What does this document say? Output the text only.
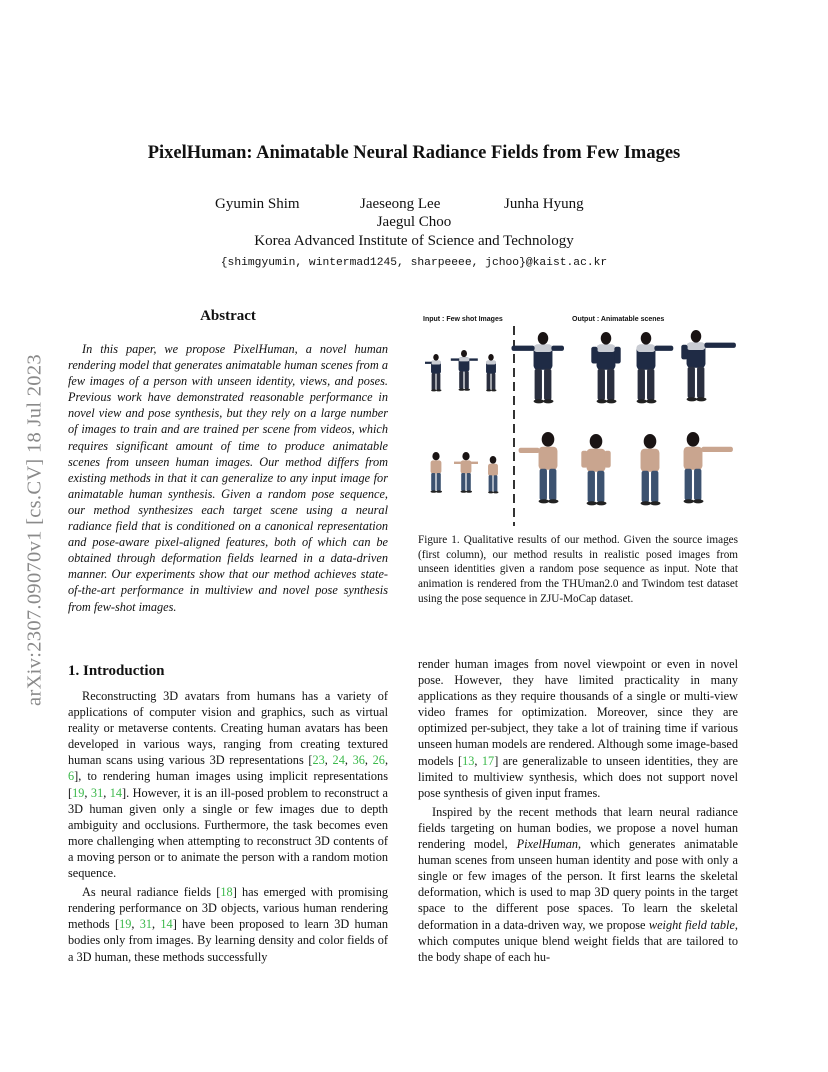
arXiv:2307.09070v1 [cs.CV] 18 Jul 2023
PixelHuman: Animatable Neural Radiance Fields from Few Images
Gyumin Shim	Jaeseong Lee	Junha Hyung
Jaegul Choo
Korea Advanced Institute of Science and Technology
{shimgyumin, wintermad1245, sharpeeee, jchoo}@kaist.ac.kr
Abstract
In this paper, we propose PixelHuman, a novel human rendering model that generates animatable human scenes from a few images of a person with unseen identity, views, and poses. Previous work have demonstrated reasonable performance in novel view and pose synthesis, but they rely on a large number of images to train and are trained per scene from videos, which requires significant amount of time to produce animatable scenes from unseen human images. Our method differs from existing methods in that it can generalize to any input image for animatable human synthesis. Given a random pose sequence, our method synthesizes each target scene using a neural radiance field that is conditioned on a canonical representation and pose-aware pixel-aligned features, both of which can be obtained through deformation fields learned in a data-driven manner. Our experiments show that our method achieves state-of-the-art performance in multiview and novel pose synthesis from few-shot images.
Input : Few shot Images	Output : Animatable scenes
Figure 1. Qualitative results of our method. Given the source images (first column), our method results in realistic posed images from unseen identities given a random pose sequence as input. Note that animation is rendered from the THUman2.0 and Twindom test dataset using the pose sequence in ZJU-MoCap dataset.
1. Introduction

Reconstructing 3D avatars from humans has a variety of applications of computer vision and graphics, such as virtual reality or metaverse contents. Creating human avatars has been developed in various ways, ranging from creating textured human scans using various 3D representations [23, 24, 36, 26, 6], to rendering human images using implicit representations [19, 31, 14]. However, it is an ill-posed problem to reconstruct a 3D human given only a single or few images due to depth ambiguity and occlusions. Furthermore, the task becomes even more challenging when attempting to reconstruct 3D contents of a moving person or to animate the person with a random motion sequence.

As neural radiance fields [18] has emerged with promising rendering performance on 3D objects, various human rendering methods [19, 31, 14] have been proposed to learn 3D human bodies only from images. By learning density and color fields of a 3D human, these methods successfully

render human images from novel viewpoint or even in novel pose. However, they have limited practicality in many applications as they require thousands of a single or multi-view video frames for optimization. Moreover, since they are optimized per-subject, they take a lot of training time if various unseen human models are rendered. Although some image-based models [13, 17] are generalizable to unseen identities, they are limited to multiview synthesis, which does not support novel pose synthesis of given input frames.

Inspired by the recent methods that learn neural radiance fields targeting on human bodies, we propose a novel human rendering model, PixelHuman, which generates animatable human scenes from unseen human identity and pose with only a single or few images of the person. It first learns the skeletal deformation, which is used to map 3D query points in the target space to the different pose spaces. To learn the skeletal deformation in a data-driven way, we propose weight field table, which computes unique blend weight fields that are tailored to the body shape of each hu-
